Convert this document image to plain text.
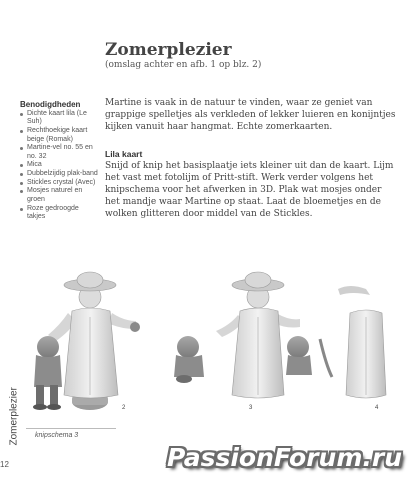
Zomerplezier
(omslag achter en afb. 1 op blz. 2)
Benodigdheden
Dichte kaart lila (Le Suh)
Rechthoekige kaart beige (Romak)
Martine-vel no. 55 en no. 32
Mica
Dubbelzijdig plak-band
Stickles crystal (Avec)
Mosjes naturel en groen
Roze gedroogde takjes
Martine is vaak in de natuur te vinden, waar ze geniet van grappige spelletjes als verkleden of lekker luieren en konijntjes kijken vanuit haar hangmat. Echte zomerkaarten.
Lila kaart
Snijd of knip het basisplaatje iets kleiner uit dan de kaart. Lijm het vast met fotolijm of Pritt-stift. Werk verder volgens het knipschema voor het afwerken in 3D. Plak wat mosjes onder het mandje waar Martine op staat. Laat de bloemetjes en de wolken glitteren door middel van de Stickles.
2	3	4
knipschema 3
Zomerplezier
12	PassionForum.ru
